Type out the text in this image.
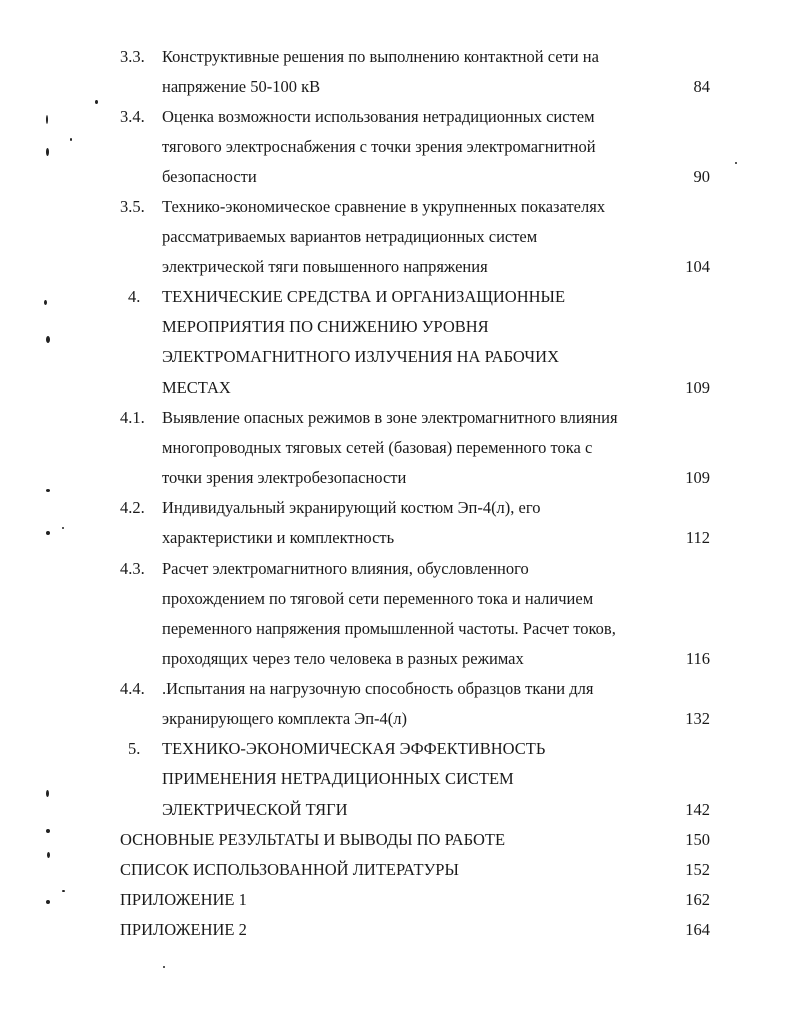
3.3. Конструктивные решения по выполнению контактной сети на
напряжение 50-100 кВ	84
3.4. Оценка возможности использования нетрадиционных систем
тягового электроснабжения с точки зрения электромагнитной
безопасности	90
3.5. Технико-экономическое сравнение в укрупненных показателях
рассматриваемых вариантов нетрадиционных систем
электрической тяги повышенного напряжения	104
4. ТЕХНИЧЕСКИЕ СРЕДСТВА И ОРГАНИЗАЩИОННЫЕ
МЕРОПРИЯТИЯ ПО СНИЖЕНИЮ УРОВНЯ
ЭЛЕКТРОМАГНИТНОГО ИЗЛУЧЕНИЯ НА РАБОЧИХ
МЕСТАХ	109
4.1. Выявление опасных режимов в зоне электромагнитного влияния
многопроводных тяговых сетей (базовая) переменного тока с
точки зрения электробезопасности	109
4.2. Индивидуальный экранирующий костюм Эп-4(л), его
характеристики и комплектность	112
4.3. Расчет электромагнитного влияния, обусловленного
прохождением по тяговой сети переменного тока и наличием
переменного напряжения промышленной частоты. Расчет токов,
проходящих через тело человека в разных режимах	116
4.4. .Испытания на нагрузочную способность образцов ткани для
экранирующего комплекта Эп-4(л)	132
5. ТЕХНИКО-ЭКОНОМИЧЕСКАЯ ЭФФЕКТИВНОСТЬ
ПРИМЕНЕНИЯ НЕТРАДИЦИОННЫХ СИСТЕМ
ЭЛЕКТРИЧЕСКОЙ ТЯГИ	142
ОСНОВНЫЕ РЕЗУЛЬТАТЫ И ВЫВОДЫ ПО РАБОТЕ	150
СПИСОК ИСПОЛЬЗОВАННОЙ ЛИТЕРАТУРЫ	152
ПРИЛОЖЕНИЕ 1	162
ПРИЛОЖЕНИЕ 2	164
